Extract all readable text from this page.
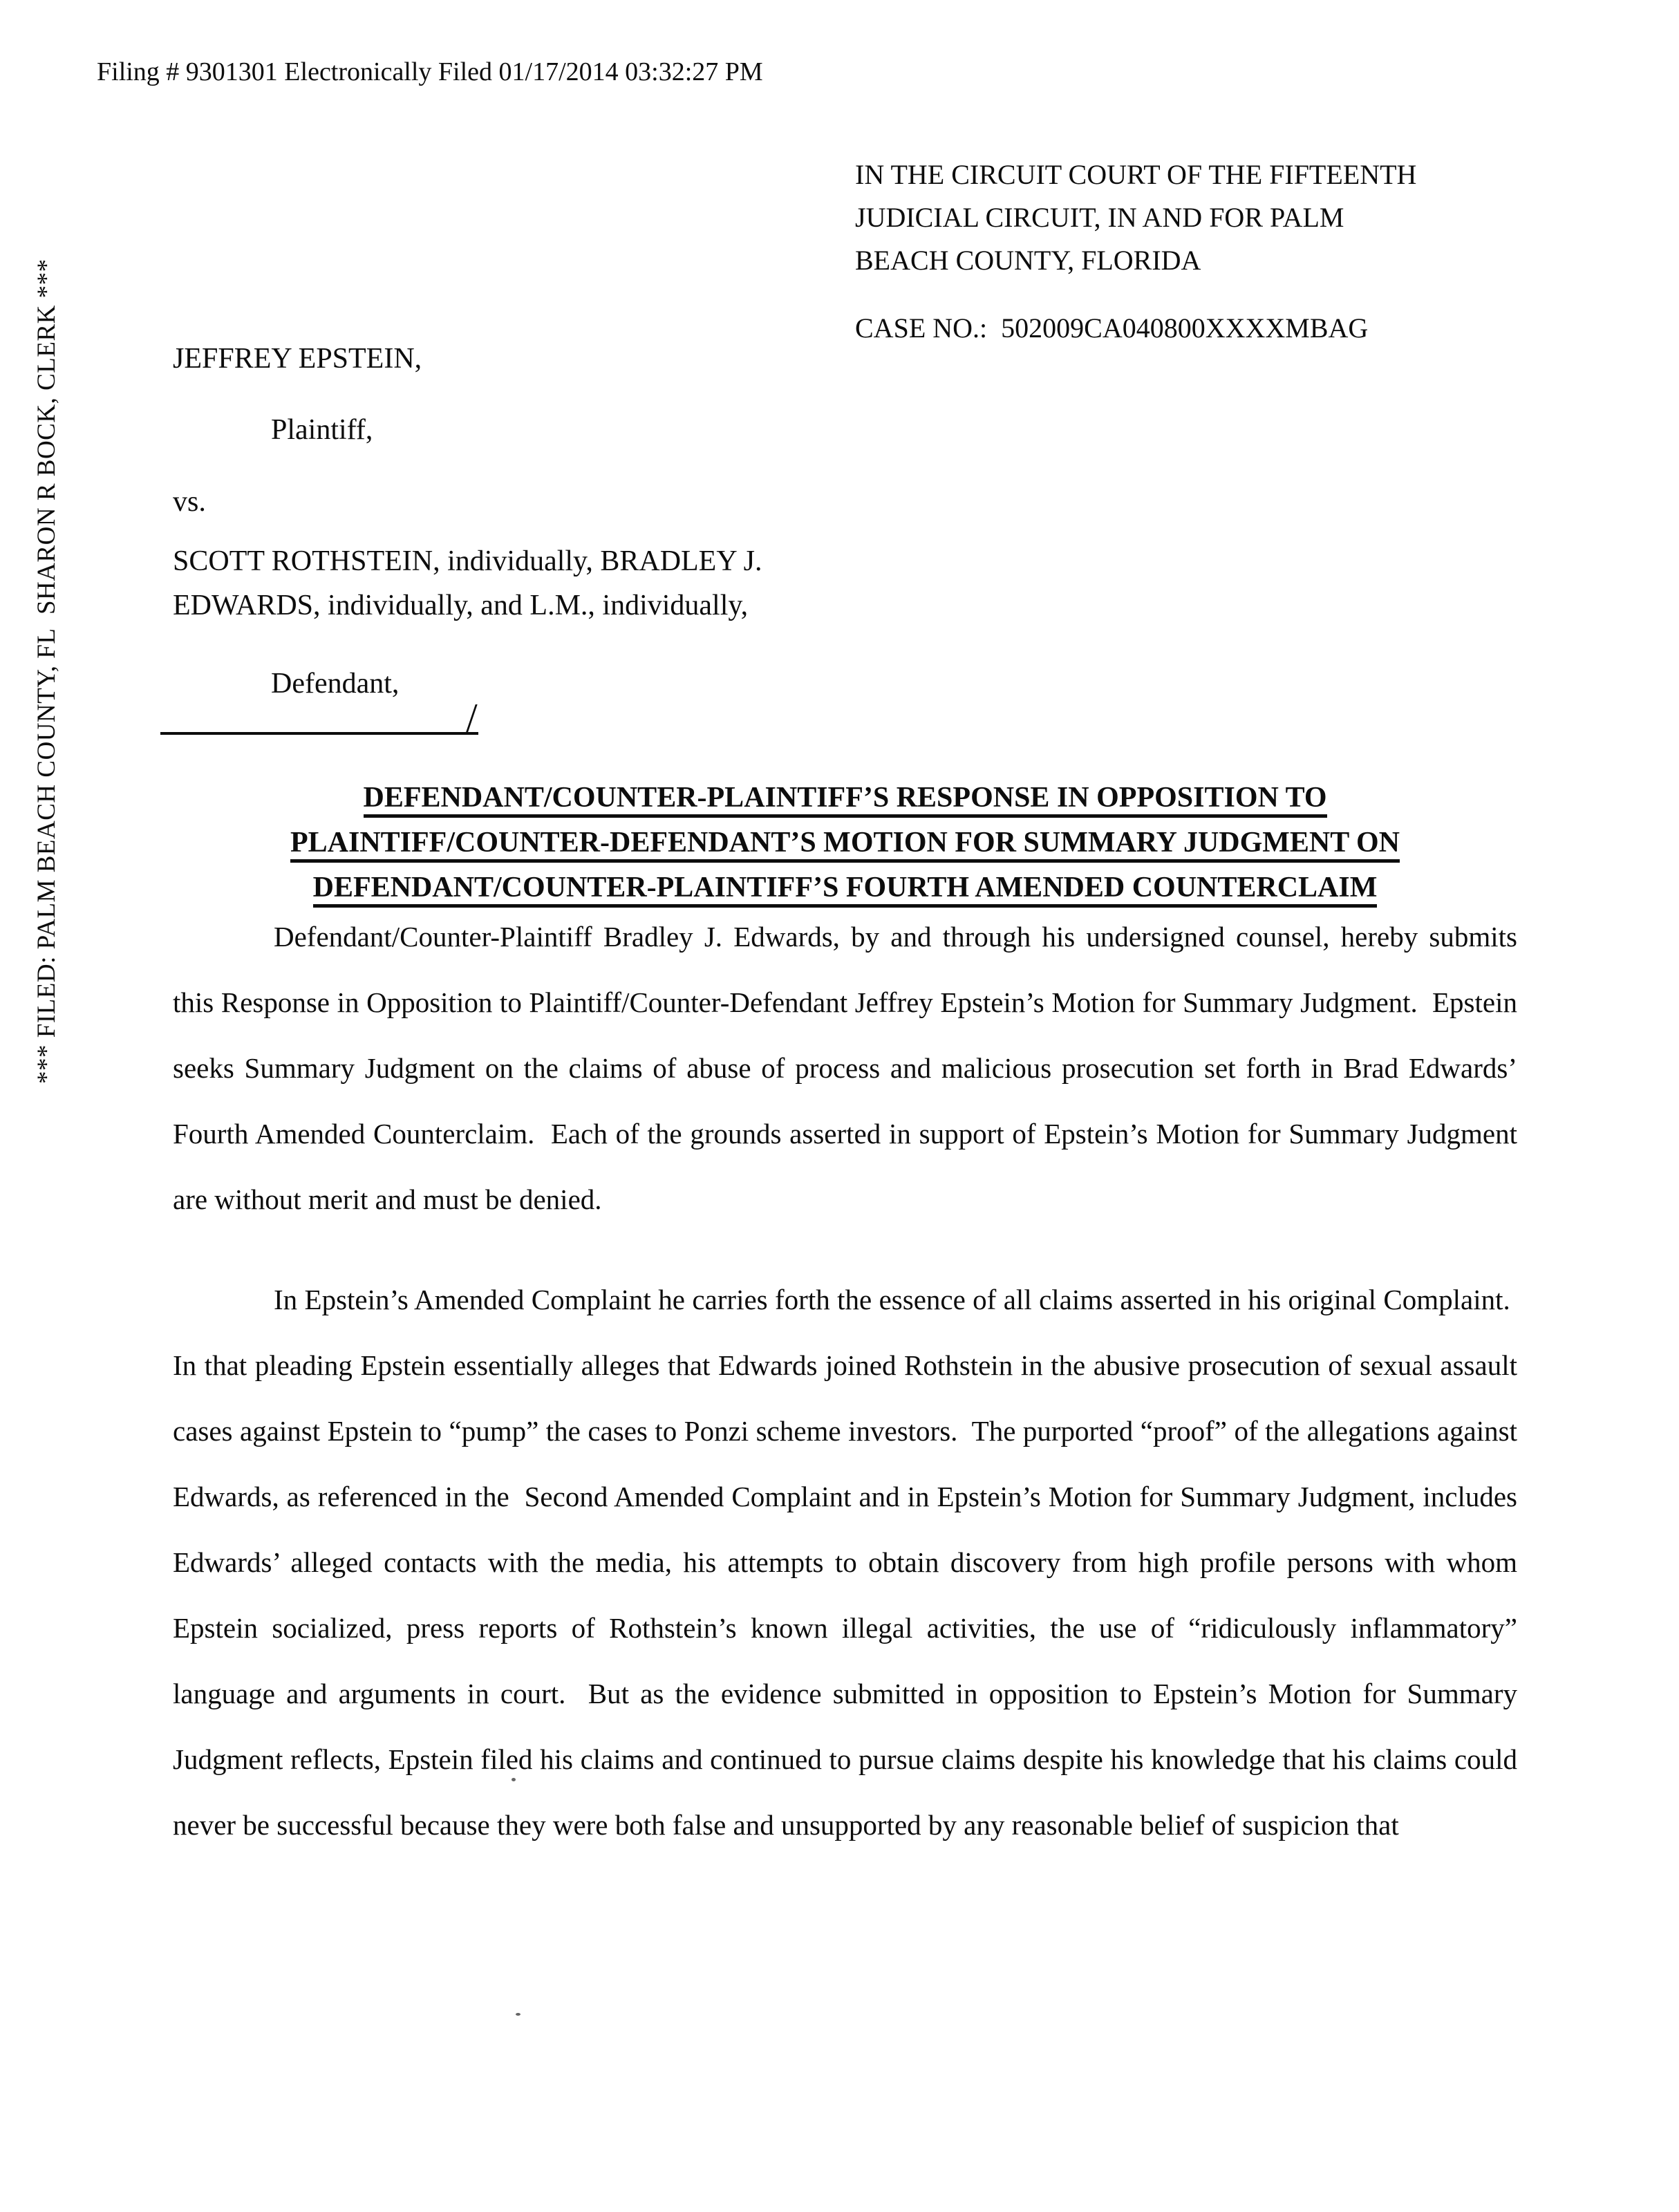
Filing # 9301301 Electronically Filed 01/17/2014 03:32:27 PM
*** FILED: PALM BEACH COUNTY, FL  SHARON R BOCK, CLERK ***
IN THE CIRCUIT COURT OF THE FIFTEENTH
JUDICIAL CIRCUIT, IN AND FOR PALM
BEACH COUNTY, FLORIDA
CASE NO.:  502009CA040800XXXXMBAG
JEFFREY EPSTEIN,
Plaintiff,
vs.
SCOTT ROTHSTEIN, individually, BRADLEY J.
EDWARDS, individually, and L.M., individually,
Defendant,
/
DEFENDANT/COUNTER-PLAINTIFF’S RESPONSE IN OPPOSITION TO
PLAINTIFF/COUNTER-DEFENDANT’S MOTION FOR SUMMARY JUDGMENT ON
DEFENDANT/COUNTER-PLAINTIFF’S FOURTH AMENDED COUNTERCLAIM

Defendant/Counter-Plaintiff Bradley J. Edwards, by and through his undersigned counsel, hereby submits this Response in Opposition to Plaintiff/Counter-Defendant Jeffrey Epstein’s Motion for Summary Judgment.  Epstein seeks Summary Judgment on the claims of abuse of process and malicious prosecution set forth in Brad Edwards’ Fourth Amended Counterclaim.  Each of the grounds asserted in support of Epstein’s Motion for Summary Judgment are without merit and must be denied.

In Epstein’s Amended Complaint he carries forth the essence of all claims asserted in his original Complaint.  In that pleading Epstein essentially alleges that Edwards joined Rothstein in the abusive prosecution of sexual assault cases against Epstein to “pump” the cases to Ponzi scheme investors.  The purported “proof” of the allegations against Edwards, as referenced in the  Second Amended Complaint and in Epstein’s Motion for Summary Judgment, includes Edwards’ alleged contacts with the media, his attempts to obtain discovery from high profile persons with whom Epstein socialized, press reports of Rothstein’s known illegal activities, the use of “ridiculously inflammatory” language and arguments in court.  But as the evidence submitted in opposition to Epstein’s Motion for Summary Judgment reflects, Epstein filed his claims and continued to pursue claims despite his knowledge that his claims could never be successful because they were both false and unsupported by any reasonable belief of suspicion that
